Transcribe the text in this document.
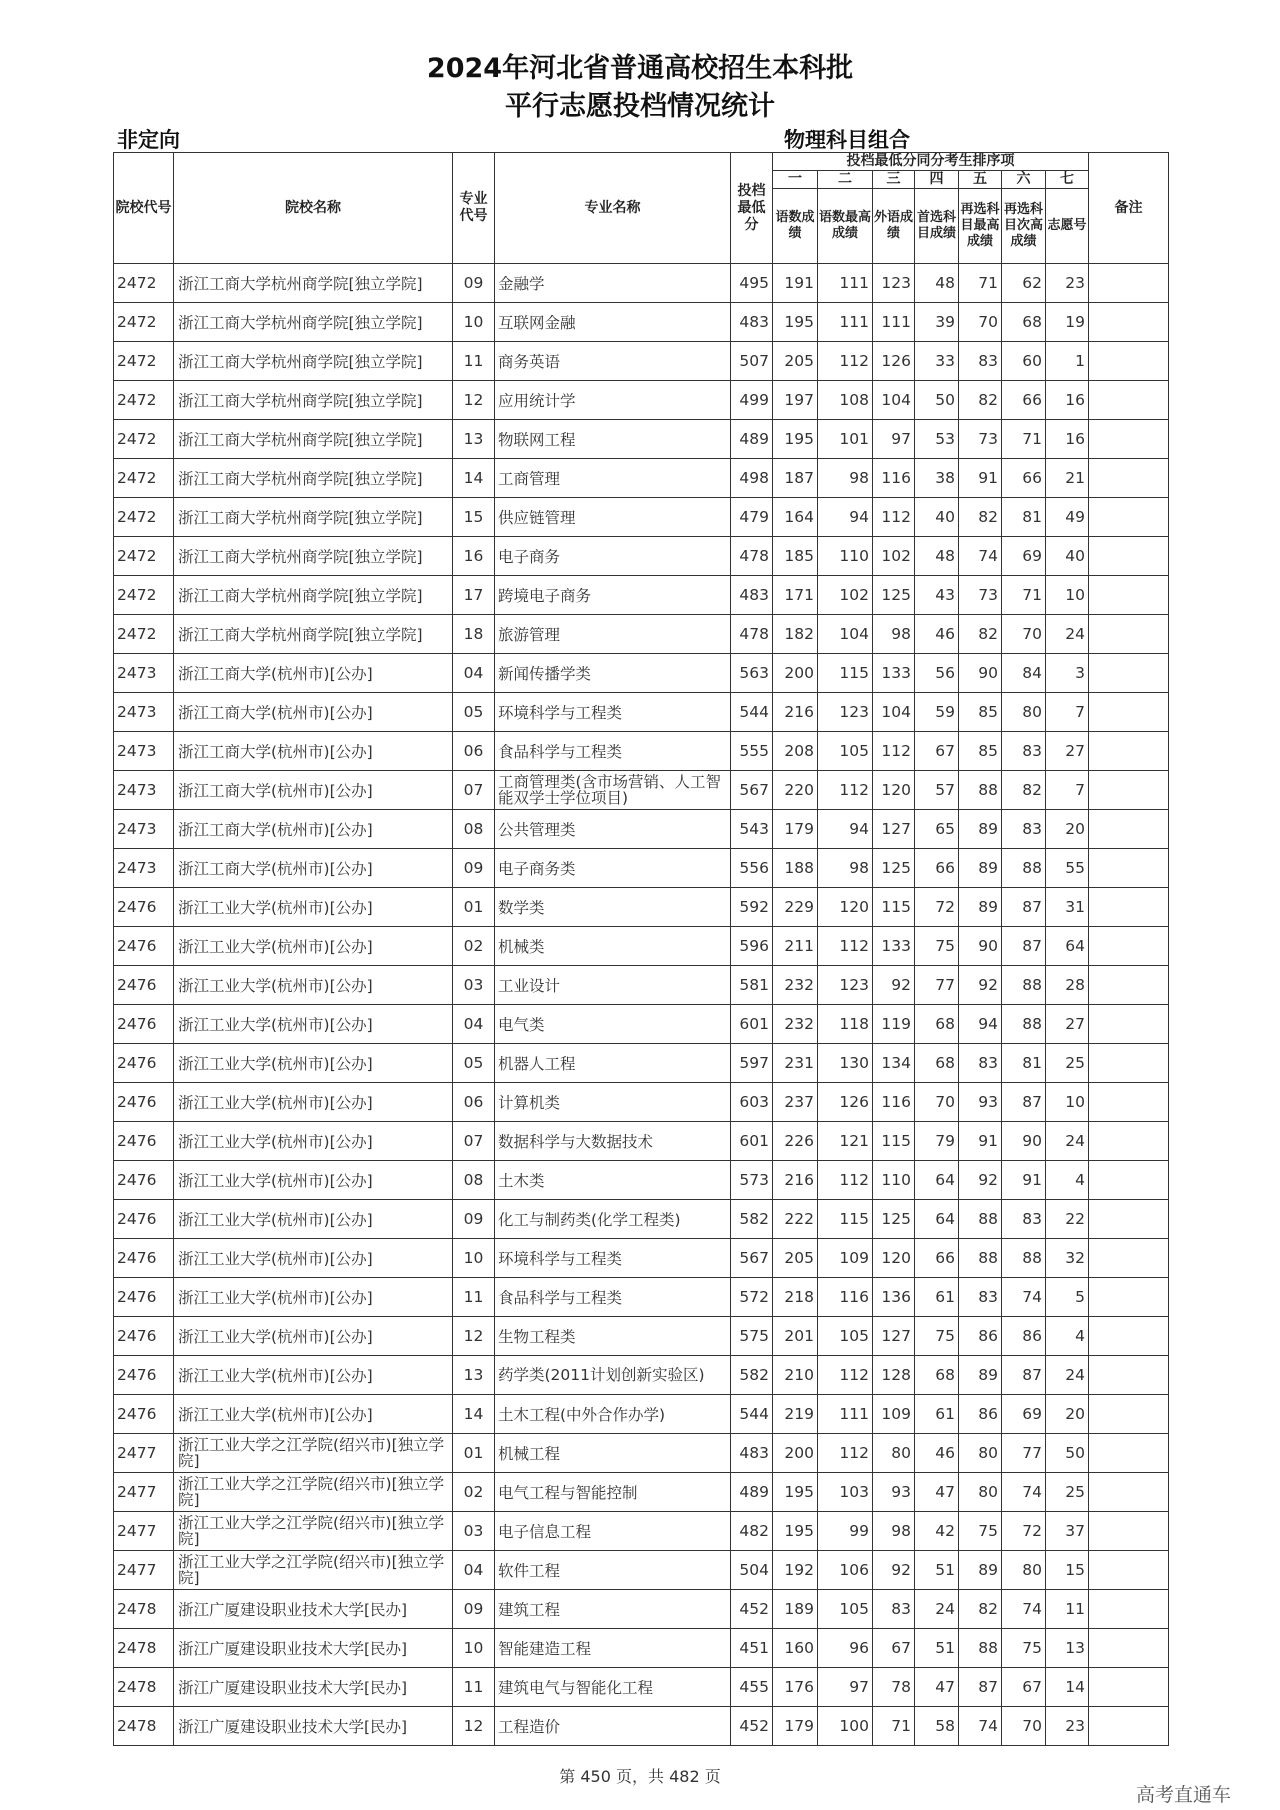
2024年河北省普通高校招生本科批
平行志愿投档情况统计
非定向	物理科目组合
院校代号	院校名称	专业代号	专业名称	投档最低分	投档最低分同分考生排序项							备注
					一	二	三	四	五	六	七	
					语数成绩	语数最高成绩	外语成绩	首选科目成绩	再选科目最高成绩	再选科目次高成绩	志愿号	
2472	浙江工商大学杭州商学院[独立学院]	09	金融学	495	191	111	123	48	71	62	23	
2472	浙江工商大学杭州商学院[独立学院]	10	互联网金融	483	195	111	111	39	70	68	19	
2472	浙江工商大学杭州商学院[独立学院]	11	商务英语	507	205	112	126	33	83	60	1	
2472	浙江工商大学杭州商学院[独立学院]	12	应用统计学	499	197	108	104	50	82	66	16	
2472	浙江工商大学杭州商学院[独立学院]	13	物联网工程	489	195	101	97	53	73	71	16	
2472	浙江工商大学杭州商学院[独立学院]	14	工商管理	498	187	98	116	38	91	66	21	
2472	浙江工商大学杭州商学院[独立学院]	15	供应链管理	479	164	94	112	40	82	81	49	
2472	浙江工商大学杭州商学院[独立学院]	16	电子商务	478	185	110	102	48	74	69	40	
2472	浙江工商大学杭州商学院[独立学院]	17	跨境电子商务	483	171	102	125	43	73	71	10	
2472	浙江工商大学杭州商学院[独立学院]	18	旅游管理	478	182	104	98	46	82	70	24	
2473	浙江工商大学(杭州市)[公办]	04	新闻传播学类	563	200	115	133	56	90	84	3	
2473	浙江工商大学(杭州市)[公办]	05	环境科学与工程类	544	216	123	104	59	85	80	7	
2473	浙江工商大学(杭州市)[公办]	06	食品科学与工程类	555	208	105	112	67	85	83	27	
2473	浙江工商大学(杭州市)[公办]	07	工商管理类(含市场营销、人工智能双学士学位项目)	567	220	112	120	57	88	82	7	
2473	浙江工商大学(杭州市)[公办]	08	公共管理类	543	179	94	127	65	89	83	20	
2473	浙江工商大学(杭州市)[公办]	09	电子商务类	556	188	98	125	66	89	88	55	
2476	浙江工业大学(杭州市)[公办]	01	数学类	592	229	120	115	72	89	87	31	
2476	浙江工业大学(杭州市)[公办]	02	机械类	596	211	112	133	75	90	87	64	
2476	浙江工业大学(杭州市)[公办]	03	工业设计	581	232	123	92	77	92	88	28	
2476	浙江工业大学(杭州市)[公办]	04	电气类	601	232	118	119	68	94	88	27	
2476	浙江工业大学(杭州市)[公办]	05	机器人工程	597	231	130	134	68	83	81	25	
2476	浙江工业大学(杭州市)[公办]	06	计算机类	603	237	126	116	70	93	87	10	
2476	浙江工业大学(杭州市)[公办]	07	数据科学与大数据技术	601	226	121	115	79	91	90	24	
2476	浙江工业大学(杭州市)[公办]	08	土木类	573	216	112	110	64	92	91	4	
2476	浙江工业大学(杭州市)[公办]	09	化工与制药类(化学工程类)	582	222	115	125	64	88	83	22	
2476	浙江工业大学(杭州市)[公办]	10	环境科学与工程类	567	205	109	120	66	88	88	32	
2476	浙江工业大学(杭州市)[公办]	11	食品科学与工程类	572	218	116	136	61	83	74	5	
2476	浙江工业大学(杭州市)[公办]	12	生物工程类	575	201	105	127	75	86	86	4	
2476	浙江工业大学(杭州市)[公办]	13	药学类(2011计划创新实验区)	582	210	112	128	68	89	87	24	
2476	浙江工业大学(杭州市)[公办]	14	土木工程(中外合作办学)	544	219	111	109	61	86	69	20	
2477	浙江工业大学之江学院(绍兴市)[独立学院]	01	机械工程	483	200	112	80	46	80	77	50	
2477	浙江工业大学之江学院(绍兴市)[独立学院]	02	电气工程与智能控制	489	195	103	93	47	80	74	25	
2477	浙江工业大学之江学院(绍兴市)[独立学院]	03	电子信息工程	482	195	99	98	42	75	72	37	
2477	浙江工业大学之江学院(绍兴市)[独立学院]	04	软件工程	504	192	106	92	51	89	80	15	
2478	浙江广厦建设职业技术大学[民办]	09	建筑工程	452	189	105	83	24	82	74	11	
2478	浙江广厦建设职业技术大学[民办]	10	智能建造工程	451	160	96	67	51	88	75	13	
2478	浙江广厦建设职业技术大学[民办]	11	建筑电气与智能化工程	455	176	97	78	47	87	67	14	
2478	浙江广厦建设职业技术大学[民办]	12	工程造价	452	179	100	71	58	74	70	23	
第 450 页，共 482 页
高考直通车
